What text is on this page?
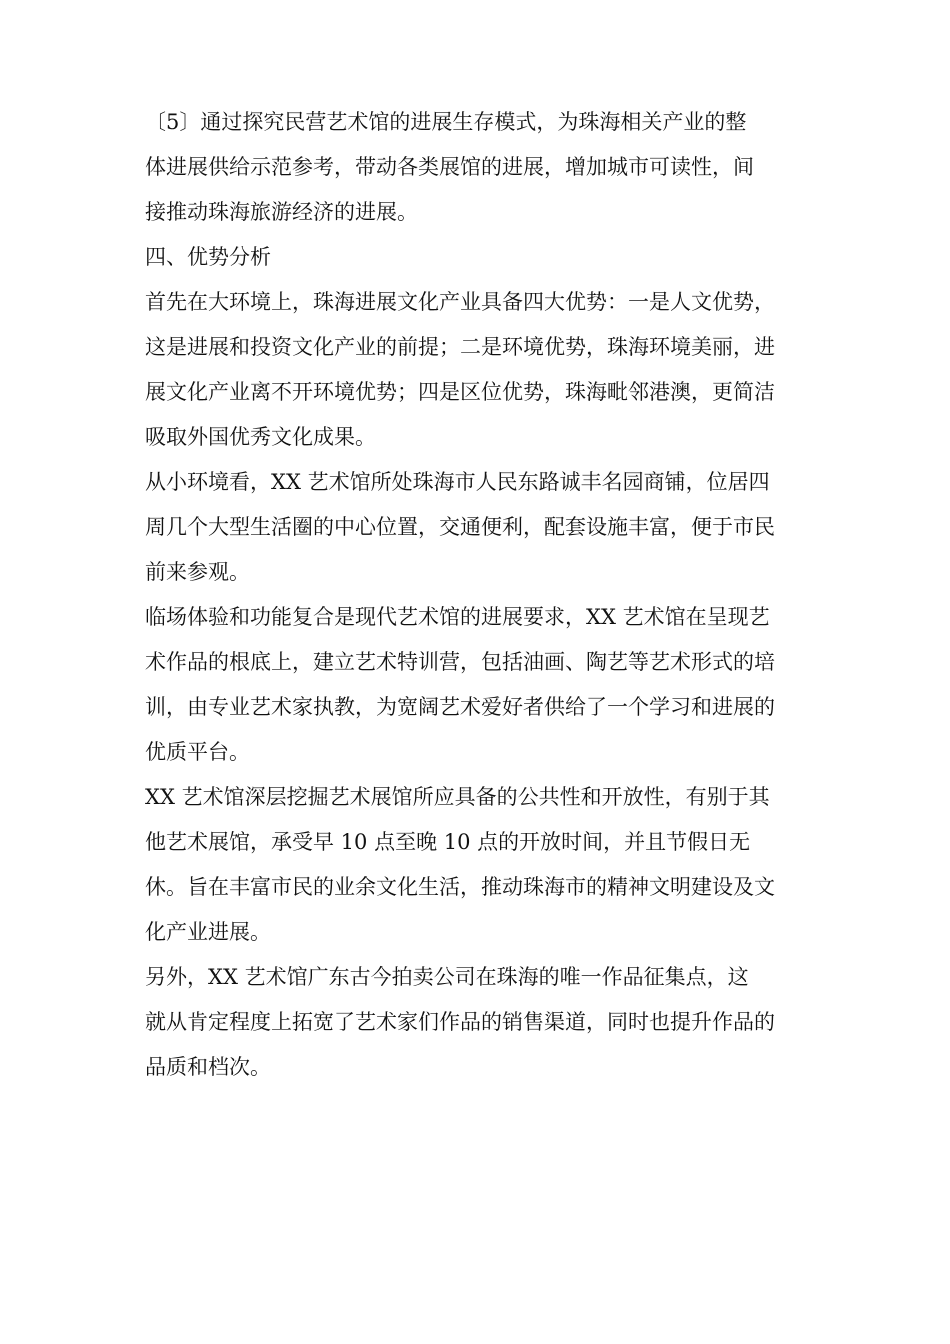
〔5〕通过探究民营艺术馆的进展生存模式，为珠海相关产业的整
体进展供给示范参考，带动各类展馆的进展，增加城市可读性，间
接推动珠海旅游经济的进展。

四、优势分析

首先在大环境上，珠海进展文化产业具备四大优势：一是人文优势，
这是进展和投资文化产业的前提；二是环境优势，珠海环境美丽，进
展文化产业离不开环境优势；四是区位优势，珠海毗邻港澳，更简洁
吸取外国优秀文化成果。

从小环境看，XX 艺术馆所处珠海市人民东路诚丰名园商铺，位居四
周几个大型生活圈的中心位置，交通便利，配套设施丰富，便于市民
前来参观。

临场体验和功能复合是现代艺术馆的进展要求，XX 艺术馆在呈现艺
术作品的根底上，建立艺术特训营，包括油画、陶艺等艺术形式的培
训，由专业艺术家执教，为宽阔艺术爱好者供给了一个学习和进展的
优质平台。

XX 艺术馆深层挖掘艺术展馆所应具备的公共性和开放性，有别于其
他艺术展馆，承受早 10 点至晚 10 点的开放时间，并且节假日无
休。旨在丰富市民的业余文化生活，推动珠海市的精神文明建设及文
化产业进展。

另外，XX 艺术馆广东古今拍卖公司在珠海的唯一作品征集点，这
就从肯定程度上拓宽了艺术家们作品的销售渠道，同时也提升作品的
品质和档次。
